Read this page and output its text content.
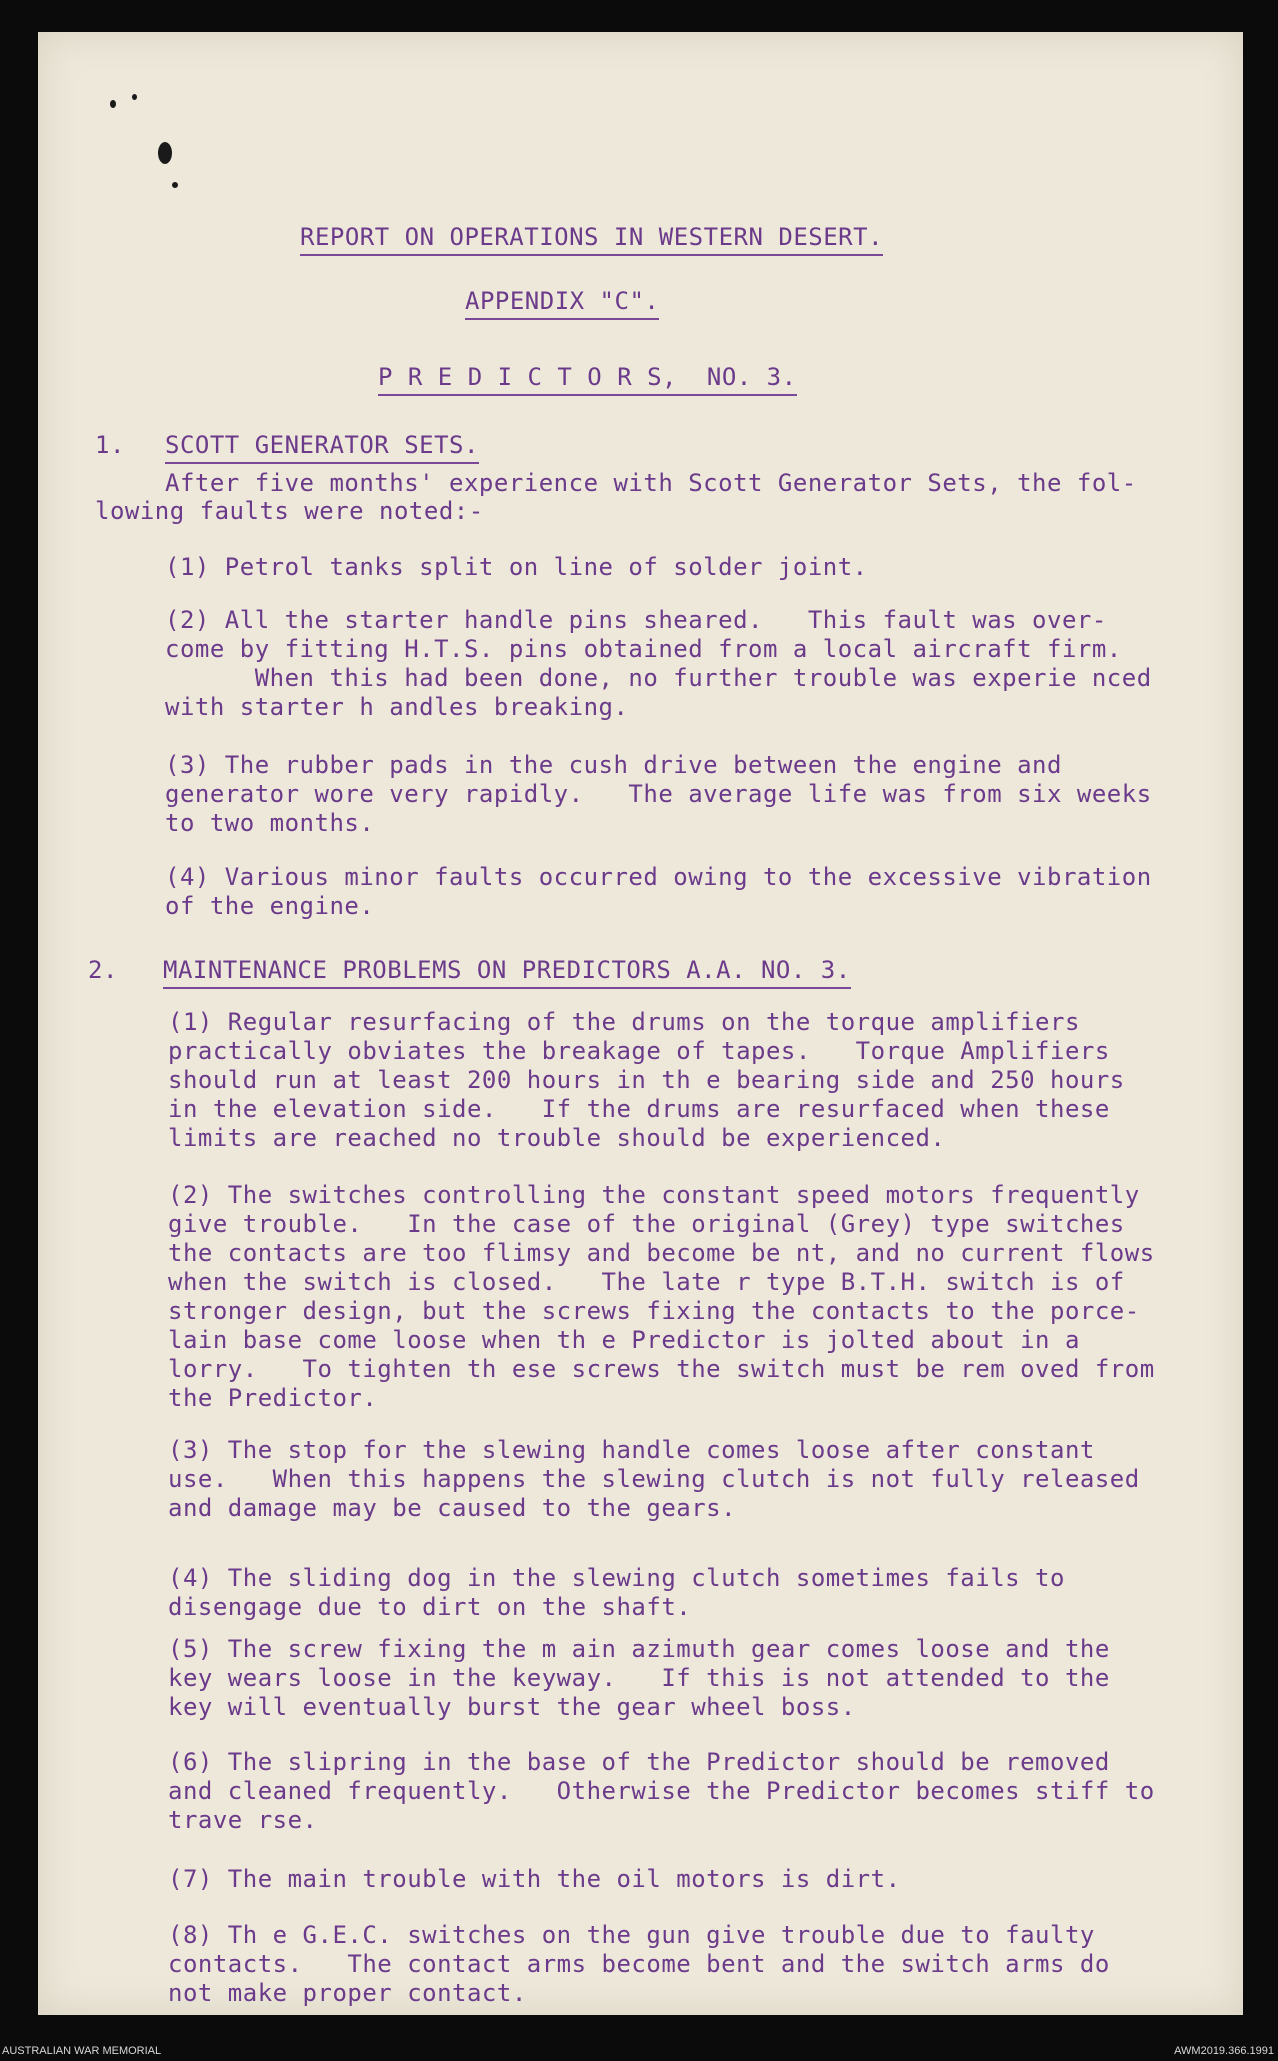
REPORT ON OPERATIONS IN WESTERN DESERT.
APPENDIX "C".
P R E D I C T O R S,  NO. 3.
1. SCOTT GENERATOR SETS.
After five months' experience with Scott Generator Sets, the fol-
lowing faults were noted:-
(1) Petrol tanks split on line of solder joint.
(2) All the starter handle pins sheared.   This fault was over-
come by fitting H.T.S. pins obtained from a local aircraft firm.
When this had been done, no further trouble was experie nced
with starter h andles breaking.
(3) The rubber pads in the cush drive between the engine and
generator wore very rapidly.   The average life was from six weeks
to two months.
(4) Various minor faults occurred owing to the excessive vibration
of the engine.
2. MAINTENANCE PROBLEMS ON PREDICTORS A.A. NO. 3.
(1) Regular resurfacing of the drums on the torque amplifiers
practically obviates the breakage of tapes.   Torque Amplifiers
should run at least 200 hours in th e bearing side and 250 hours
in the elevation side.   If the drums are resurfaced when these
limits are reached no trouble should be experienced.
(2) The switches controlling the constant speed motors frequently
give trouble.   In the case of the original (Grey) type switches
the contacts are too flimsy and become be nt, and no current flows
when the switch is closed.   The late r type B.T.H. switch is of
stronger design, but the screws fixing the contacts to the porce-
lain base come loose when th e Predictor is jolted about in a
lorry.   To tighten th ese screws the switch must be rem oved from
the Predictor.
(3) The stop for the slewing handle comes loose after constant
use.   When this happens the slewing clutch is not fully released
and damage may be caused to the gears.
(4) The sliding dog in the slewing clutch sometimes fails to
disengage due to dirt on the shaft.
(5) The screw fixing the m ain azimuth gear comes loose and the
key wears loose in the keyway.   If this is not attended to the
key will eventually burst the gear wheel boss.
(6) The slipring in the base of the Predictor should be removed
and cleaned frequently.   Otherwise the Predictor becomes stiff to
trave rse.
(7) The main trouble with the oil motors is dirt.
(8) Th e G.E.C. switches on the gun give trouble due to faulty
contacts.   The contact arms become bent and the switch arms do
not make proper contact.
AUSTRALIAN WAR MEMORIAL	AWM2019.366.1991
